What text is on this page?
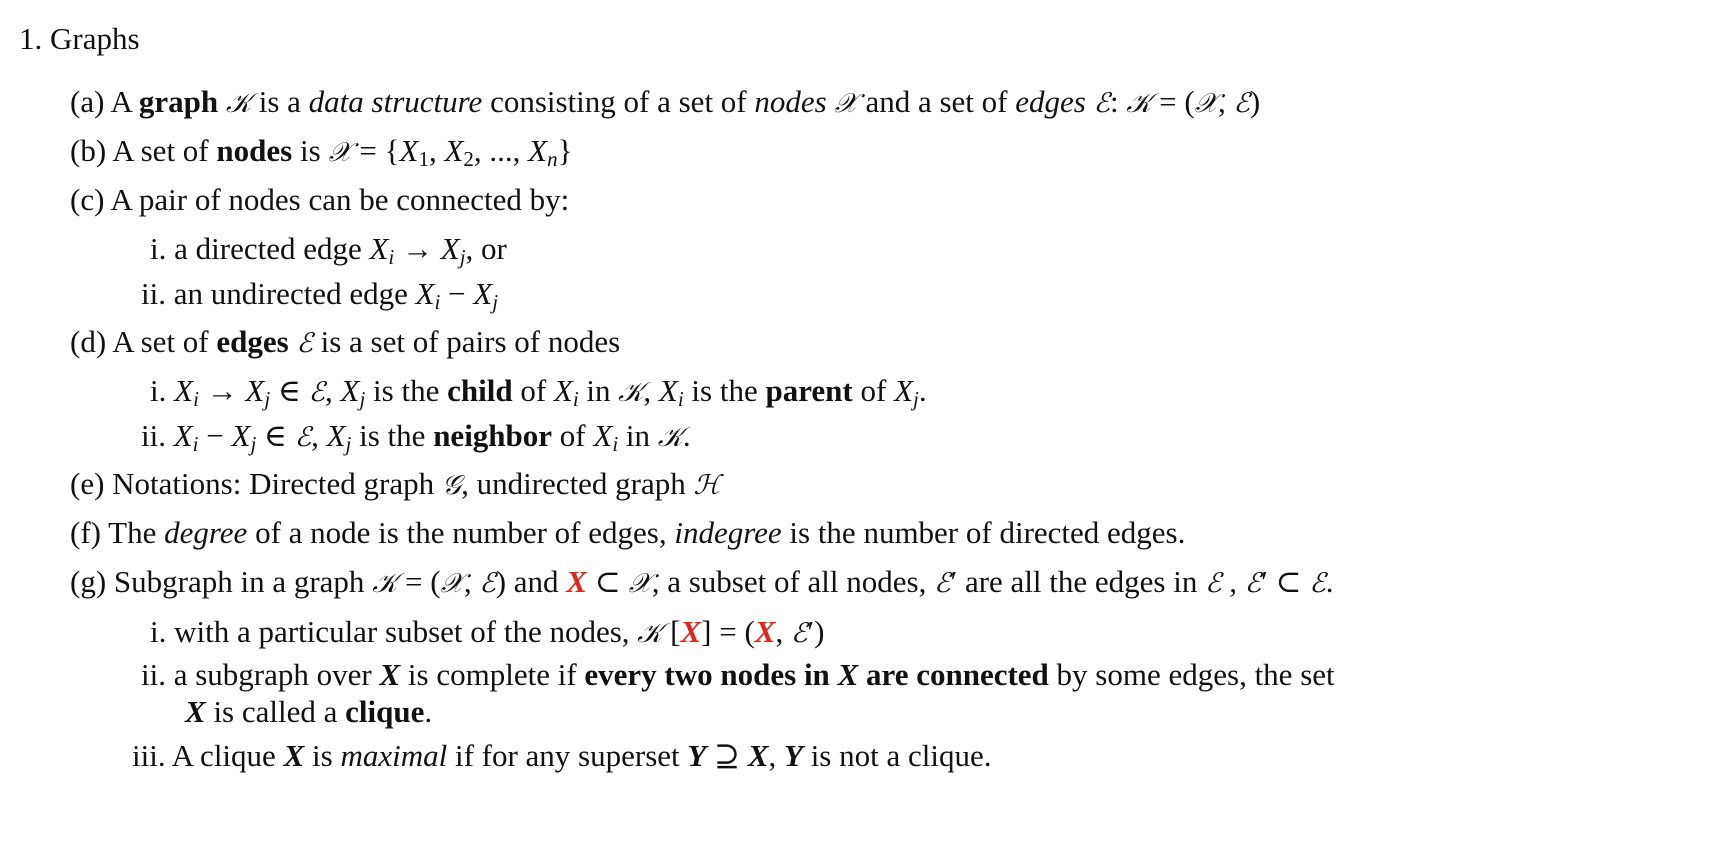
1. Graphs
(a) A graph 𝒦 is a data structure consisting of a set of nodes 𝒳 and a set of edges ℰ: 𝒦 = (𝒳, ℰ)
(b) A set of nodes is 𝒳 = {$X_1$, $X_2$, ..., $X_n$}
(c) A pair of nodes can be connected by:
i. a directed edge $X_i \to X_j$, or
ii. an undirected edge $X_i - X_j$
(d) A set of edges ℰ is a set of pairs of nodes
i. $X_i \to X_j$ ∈ ℰ, $X_j$ is the child of $X_i$ in 𝒦, $X_i$ is the parent of $X_j$.
ii. $X_i - X_j$ ∈ ℰ, $X_j$ is the neighbor of $X_i$ in 𝒦.
(e) Notations: Directed graph 𝒢, undirected graph ℋ
(f) The degree of a node is the number of edges, indegree is the number of directed edges.
(g) Subgraph in a graph 𝒦 = (𝒳, ℰ) and X ⊂ 𝒳, a subset of all nodes, ℰ′ are all the edges in ℰ , ℰ′ ⊂ ℰ.
i. with a particular subset of the nodes, 𝒦 [X] = (X, ℰ′)
ii. a subgraph over X is complete if every two nodes in X are connected by some edges, the set
X is called a clique.
iii. A clique X is maximal if for any superset Y ⊇ X, Y is not a clique.
